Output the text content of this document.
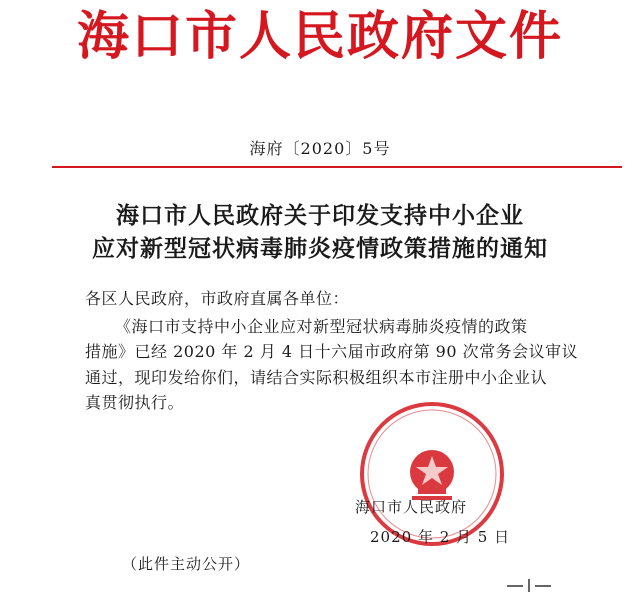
海口市人民政府文件
海府〔2020〕5号
海口市人民政府关于印发支持中小企业
应对新型冠状病毒肺炎疫情政策措施的通知
各区人民政府，市政府直属各单位：
《海口市支持中小企业应对新型冠状病毒肺炎疫情的政策
措施》已经 2020 年 2 月 4 日十六届市政府第 90 次常务会议审议
通过，现印发给你们，请结合实际积极组织本市注册中小企业认
真贯彻执行。
海口市人民政府
2020 年 2 月 5 日
（此件主动公开）
